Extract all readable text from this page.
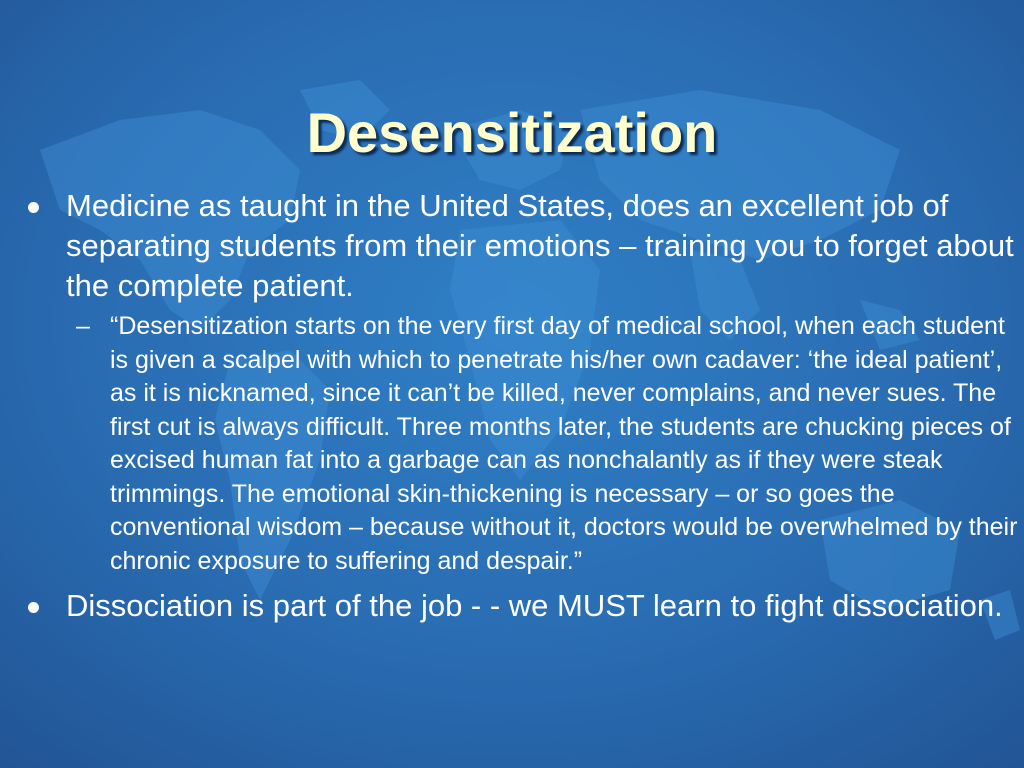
Desensitization

Medicine as taught in the United States, does an excellent job of separating students from their emotions – training you to forget about the complete patient.

– “Desensitization starts on the very first day of medical school, when each student is given a scalpel with which to penetrate his/her own cadaver: ‘the ideal patient’, as it is nicknamed, since it can’t be killed, never complains, and never sues. The first cut is always difficult. Three months later, the students are chucking pieces of excised human fat into a garbage can as nonchalantly as if they were steak trimmings. The emotional skin-thickening is necessary – or so goes the conventional wisdom – because without it, doctors would be overwhelmed by their chronic exposure to suffering and despair.”

Dissociation is part of the job - - we MUST learn to fight dissociation.
